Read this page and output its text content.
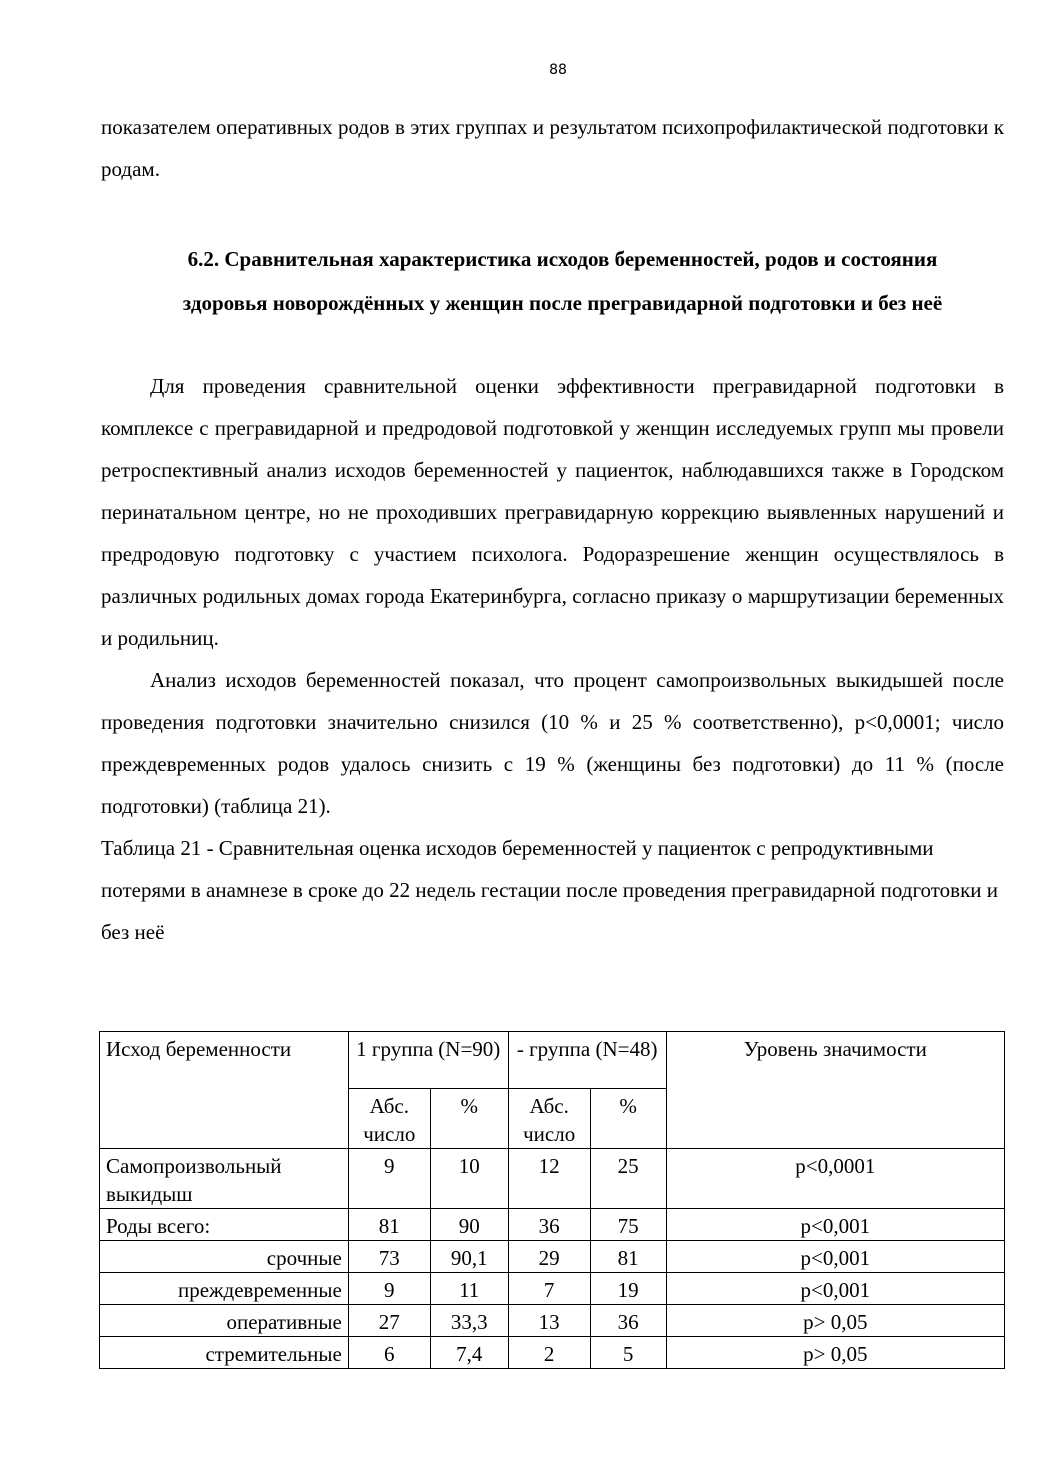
88

показателем оперативных родов в этих группах и результатом психопрофилактической подготовки к родам.

6.2. Сравнительная характеристика исходов беременностей, родов и состояния здоровья новорождённых у женщин после прегравидарной подготовки и без неё

Для проведения сравнительной оценки эффективности прегравидарной подготовки в комплексе с прегравидарной и предродовой подготовкой у женщин исследуемых групп мы провели ретроспективный анализ исходов беременностей у пациенток, наблюдавшихся также в Городском перинатальном центре, но не проходивших прегравидарную коррекцию выявленных нарушений и предродовую подготовку с участием психолога. Родоразрешение женщин осуществлялось в различных родильных домах города Екатеринбурга, согласно приказу о маршрутизации беременных и родильниц.

Анализ исходов беременностей показал, что процент самопроизвольных выкидышей после проведения подготовки значительно снизился (10 % и 25 % соответственно), p<0,0001; число преждевременных родов удалось снизить с 19 % (женщины без подготовки) до 11 % (после подготовки) (таблица 21).

Таблица 21 - Сравнительная оценка исходов беременностей у пациенток с репродуктивными потерями в анамнезе в сроке до 22 недель гестации после проведения прегравидарной подготовки и без неё

Исход беременности	1 группа (N=90)		- группа (N=48)		Уровень значимости
	Абс. число	%	Абс. число	%	
Самопроизвольный выкидыш	9	10	12	25	p<0,0001
Роды всего:	81	90	36	75	p<0,001
срочные	73	90,1	29	81	p<0,001
преждевременные	9	11	7	19	p<0,001
оперативные	27	33,3	13	36	p> 0,05
стремительные	6	7,4	2	5	p> 0,05
